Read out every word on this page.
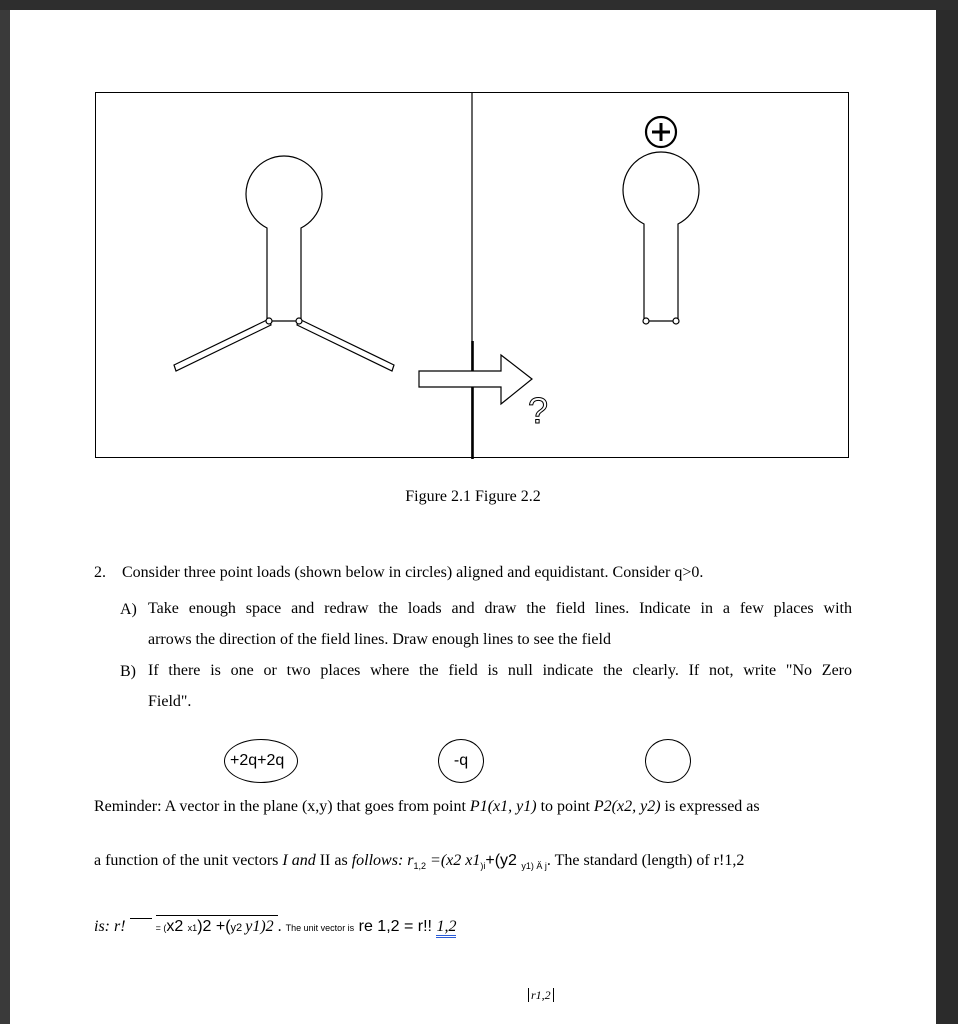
?
Figure 2.1 Figure 2.2
2. Consider three point loads (shown below in circles) aligned and equidistant. Consider q>0.
A) Take enough space and redraw the loads and draw the field lines. Indicate in a few places with
arrows the direction of the field lines. Draw enough lines to see the field
B) If there is one or two places where the field is null indicate the clearly. If not, write "No Zero
Field".
+2q+2q	-q
Reminder: A vector in the plane (x,y) that goes from point P1(x1, y1) to point P2(x2, y2) is expressed as
a function of the unit vectors I and II as follows: $r_{1,2} =(x2$ $x1_{)i}+(y2$ $_{y1) Ä j}$. The standard (length) of r!1,2
is: r!	= (x2 x1)2 +(y2 y1)2 . The unit vector is re 1,2 = r!! 1,2
r1,2
